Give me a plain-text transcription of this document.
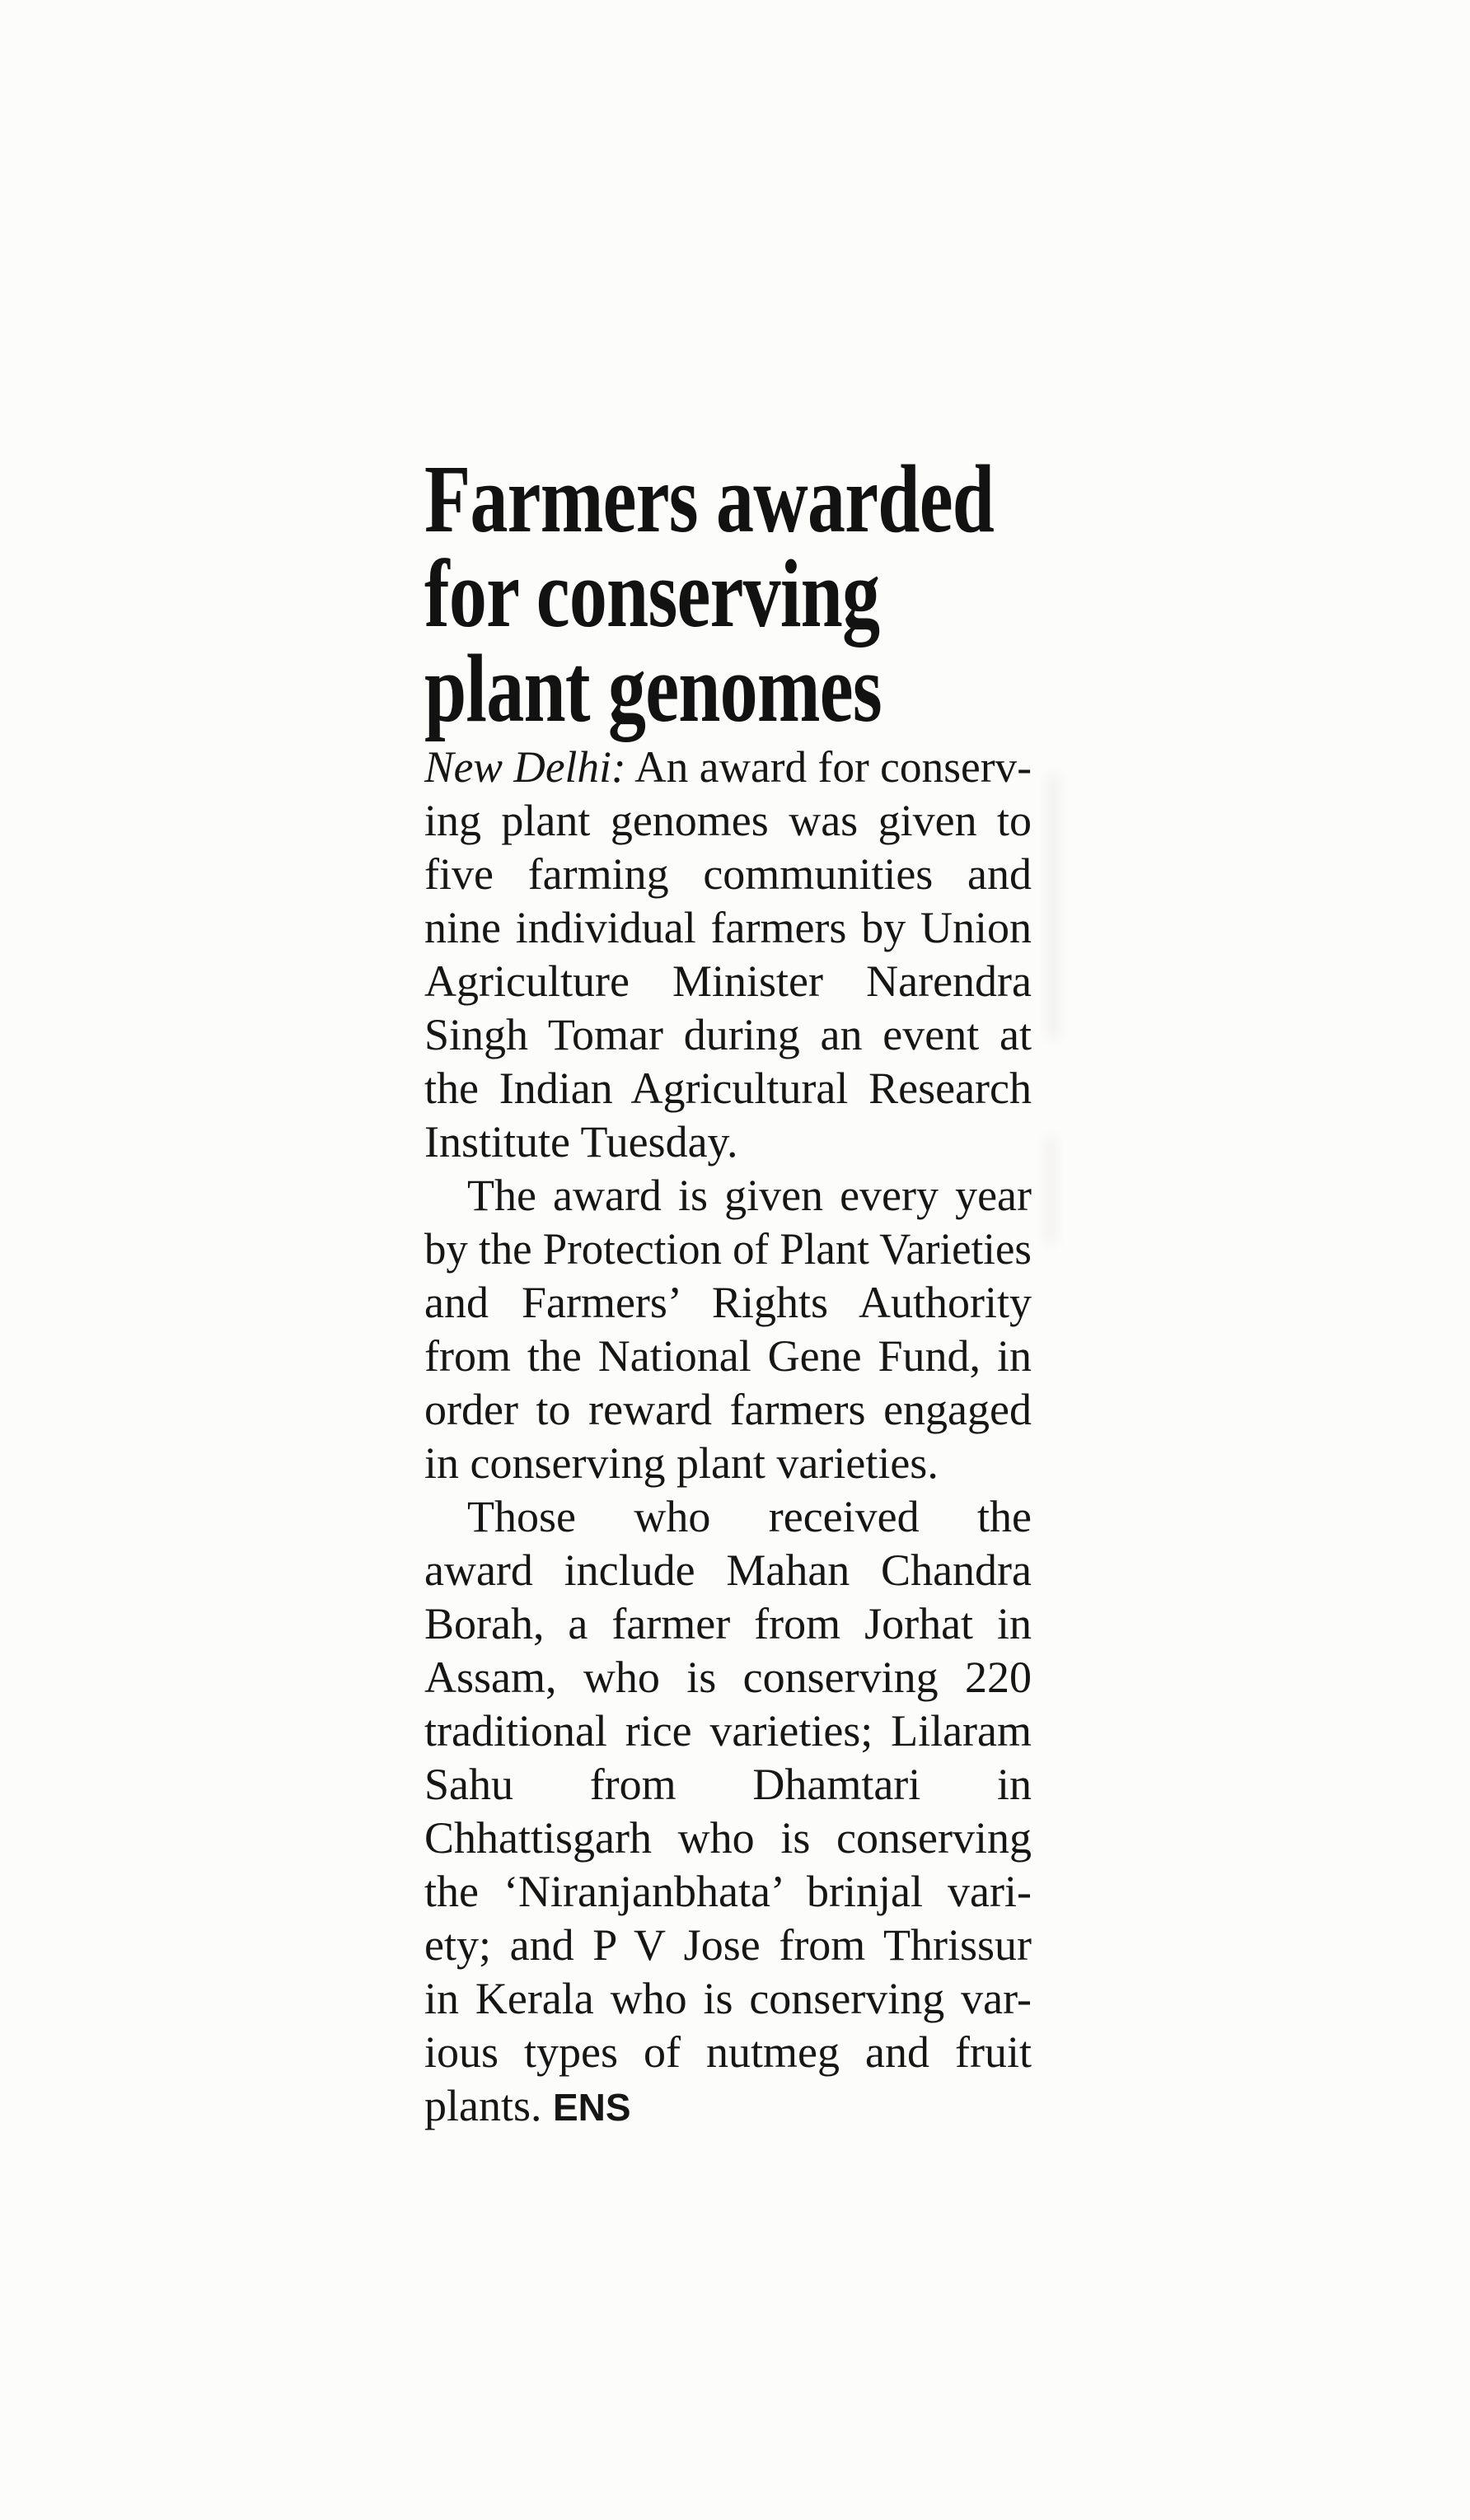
Farmers awarded
for conserving
plant genomes
New Delhi: An award for conserv-
ing plant genomes was given to
five farming communities and
nine individual farmers by Union
Agriculture Minister Narendra
Singh Tomar during an event at
the Indian Agricultural Research
Institute Tuesday.
The award is given every year
by the Protection of Plant Varieties
and Farmers’ Rights Authority
from the National Gene Fund, in
order to reward farmers engaged
in conserving plant varieties.
Those who received the
award include Mahan Chandra
Borah, a farmer from Jorhat in
Assam, who is conserving 220
traditional rice varieties; Lilaram
Sahu from Dhamtari in
Chhattisgarh who is conserving
the ‘Niranjanbhata’ brinjal vari-
ety; and P V Jose from Thrissur
in Kerala who is conserving var-
ious types of nutmeg and fruit
plants. ENS
